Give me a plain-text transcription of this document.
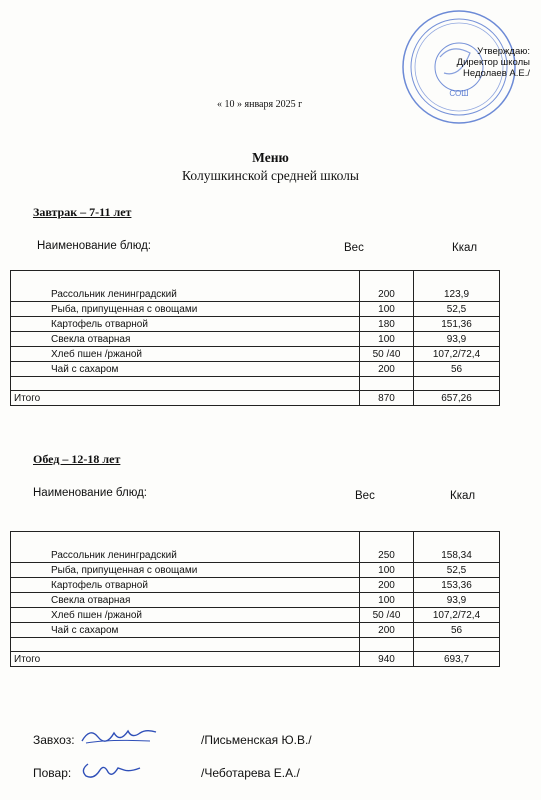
СОШ
Утверждаю:
Директор школы
Недолаев А.Е./
« 10 » января 2025 г
Меню
Колушкинской средней школы
Завтрак – 7-11 лет
Наименование блюд:	Вес	Ккал
Рассольник ленинградский	200	123,9
Рыба, припущенная с овощами	100	52,5
Картофель отварной	180	151,36
Свекла отварная	100	93,9
Хлеб пшен /ржаной	50 /40	107,2/72,4
Чай с сахаром	200	56

Итого	870	657,26
Обед – 12-18 лет
Наименование блюд:	Вес	Ккал
Рассольник ленинградский	250	158,34
Рыба, припущенная с овощами	100	52,5
Картофель отварной	200	153,36
Свекла отварная	100	93,9
Хлеб пшен /ржаной	50 /40	107,2/72,4
Чай с сахаром	200	56

Итого	940	693,7
Завхоз:	/Письменская Ю.В./
Повар:	/Чеботарева Е.А./
